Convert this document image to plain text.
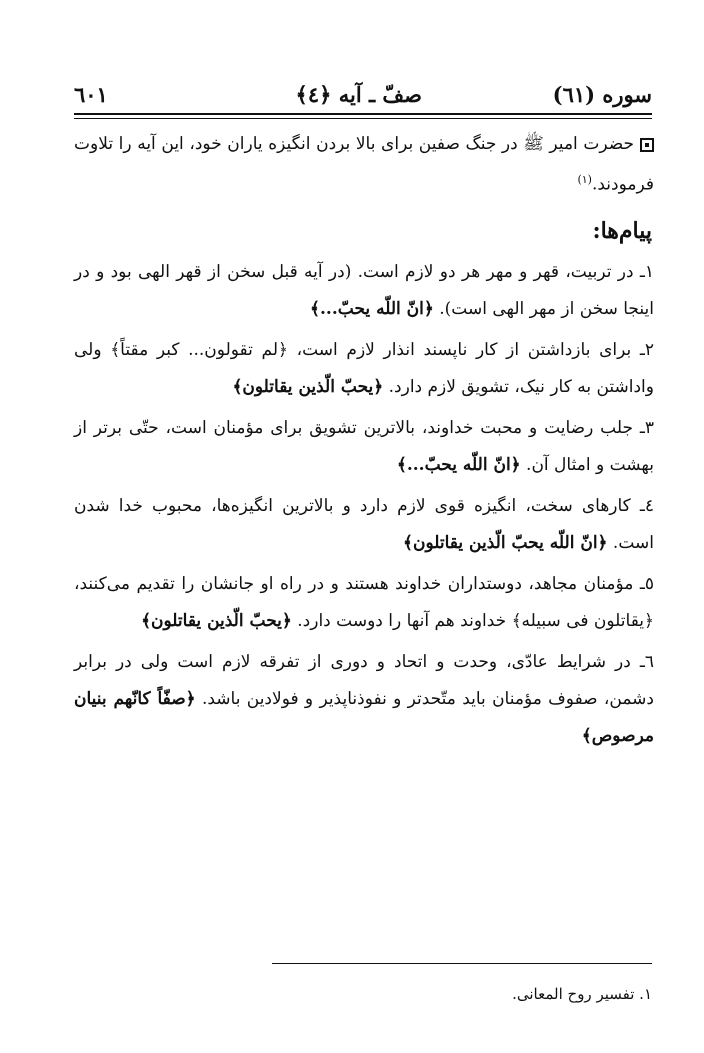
سوره (٦١)
صفّ ـ آيه ﴿٤﴾
٦٠١
حضرت امير ﷺ در جنگ صفين براى بالا بردن انگيزه ياران خود، اين آيه را تلاوت فرمودند.$^{(١)}$
پيام‌ها:
١ـ در تربيت، قهر و مهر هر دو لازم است. (در آيه قبل سخن از قهر الهى بود و در اينجا سخن از مهر الهى است). ﴿انّ اللّه يحبّ...﴾
٢ـ براى بازداشتن از كار ناپسند انذار لازم است، ﴿لم تقولون... كبر مقتاً﴾ ولى واداشتن به كار نيک، تشويق لازم دارد. ﴿يحبّ الّذين يقاتلون﴾
٣ـ جلب رضايت و محبت خداوند، بالاترين تشويق براى مؤمنان است، حتّى برتر از بهشت و امثال آن. ﴿انّ اللّه يحبّ...﴾
٤ـ كارهاى سخت، انگيزه قوى لازم دارد و بالاترين انگيزه‌ها، محبوب خدا شدن است. ﴿انّ اللّه يحبّ الّذين يقاتلون﴾
٥ـ مؤمنان مجاهد، دوستداران خداوند هستند و در راه او جانشان را تقديم مى‌كنند، ﴿يقاتلون فى سبيله﴾ خداوند هم آنها را دوست دارد. ﴿يحبّ الّذين يقاتلون﴾
٦ـ در شرايط عادّى، وحدت و اتحاد و دورى از تفرقه لازم است ولى در برابر دشمن، صفوف مؤمنان بايد متّحدتر و نفوذناپذير و فولادين باشد. ﴿صفّاً كانّهم بنيان مرصوص﴾
١. تفسير روح المعانى.
